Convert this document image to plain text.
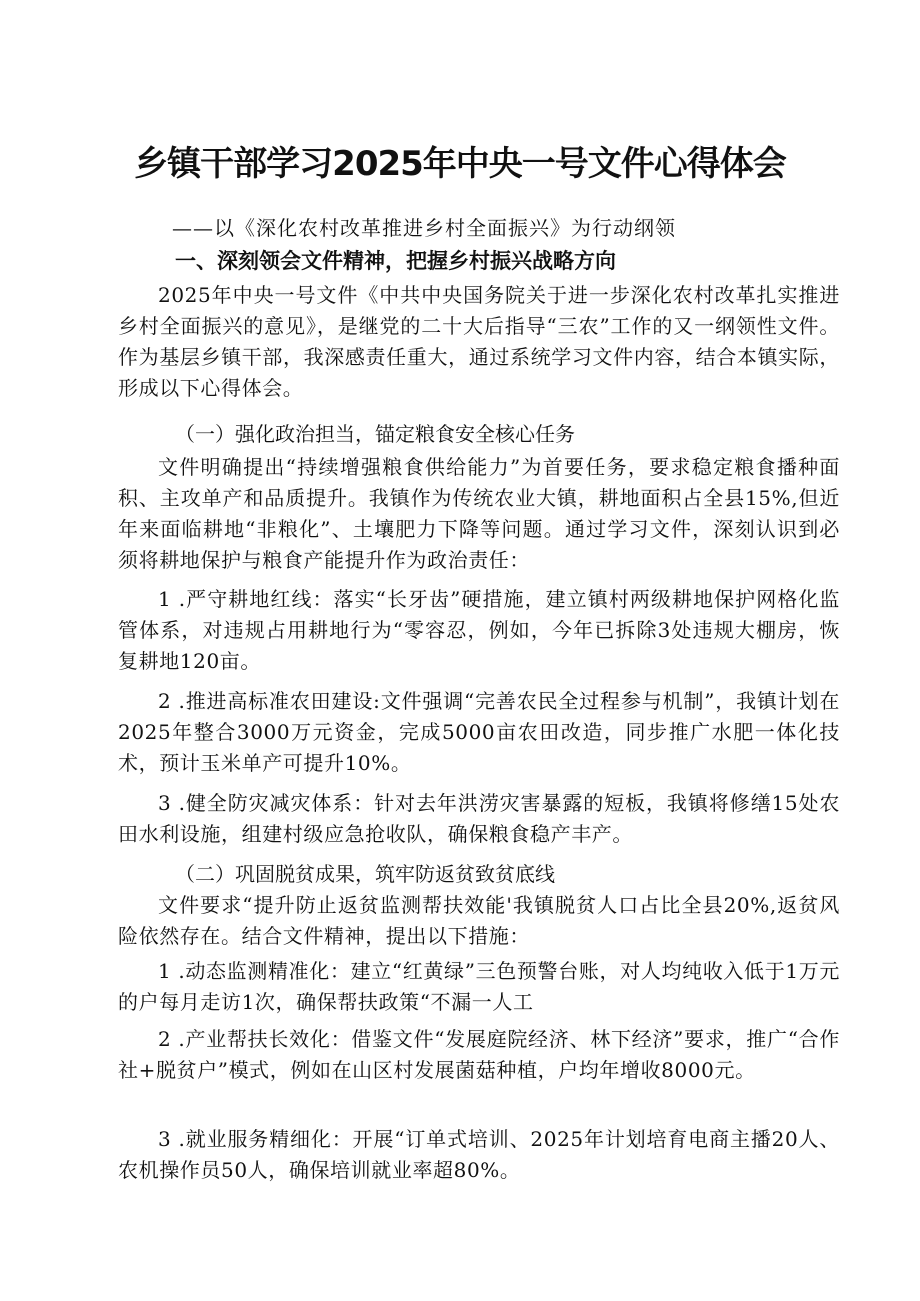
乡镇干部学习2025年中央一号文件心得体会
——以《深化农村改革推进乡村全面振兴》为行动纲领
一、深刻领会文件精神，把握乡村振兴战略方向
2025年中央一号文件《中共中央国务院关于进一步深化农村改革扎实推进乡村全面振兴的意见》，是继党的二十大后指导“三农”工作的又一纲领性文件。作为基层乡镇干部，我深感责任重大，通过系统学习文件内容，结合本镇实际，形成以下心得体会。
（一）强化政治担当，锚定粮食安全核心任务
文件明确提出“持续增强粮食供给能力”为首要任务，要求稳定粮食播种面积、主攻单产和品质提升。我镇作为传统农业大镇，耕地面积占全县15%,但近年来面临耕地“非粮化”、土壤肥力下降等问题。通过学习文件，深刻认识到必须将耕地保护与粮食产能提升作为政治责任：
1 .严守耕地红线：落实“长牙齿”硬措施，建立镇村两级耕地保护网格化监管体系，对违规占用耕地行为“零容忍，例如，今年已拆除3处违规大棚房，恢复耕地120亩。
2 .推进高标准农田建设:文件强调“完善农民全过程参与机制”，我镇计划在2025年整合3000万元资金，完成5000亩农田改造，同步推广水肥一体化技术，预计玉米单产可提升10%。
3 .健全防灾减灾体系：针对去年洪涝灾害暴露的短板，我镇将修缮15处农田水利设施，组建村级应急抢收队，确保粮食稳产丰产。
（二）巩固脱贫成果，筑牢防返贫致贫底线
文件要求“提升防止返贫监测帮扶效能'我镇脱贫人口占比全县20%,返贫风险依然存在。结合文件精神，提出以下措施：
1 .动态监测精准化：建立“红黄绿”三色预警台账，对人均纯收入低于1万元的户每月走访1次，确保帮扶政策“不漏一人工
2 .产业帮扶长效化：借鉴文件“发展庭院经济、林下经济”要求，推广“合作社+脱贫户”模式，例如在山区村发展菌菇种植，户均年增收8000元。
3 .就业服务精细化：开展“订单式培训、2025年计划培育电商主播20人、农机操作员50人，确保培训就业率超80%。
